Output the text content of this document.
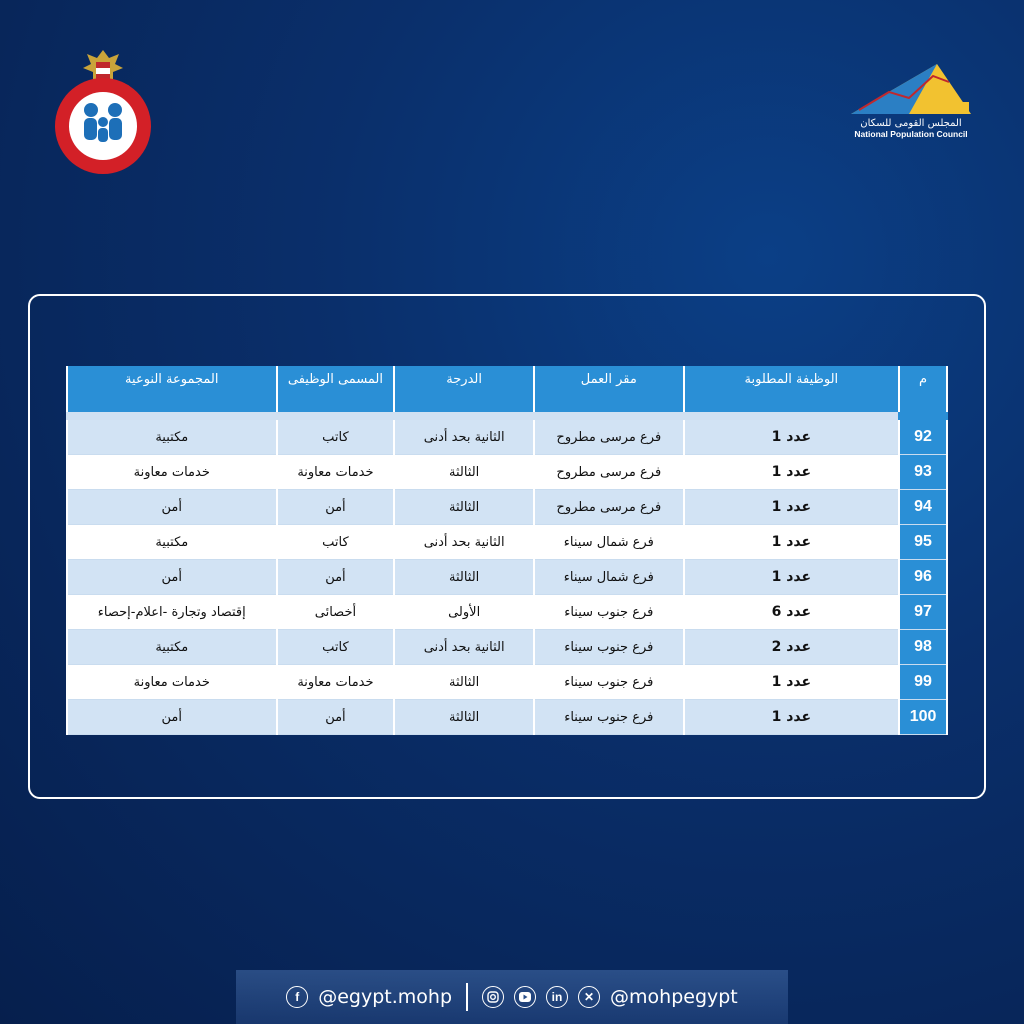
المجلس القومى للسكان
National Population Council
م	الوظيفة المطلوبة	مقر العمل	الدرجة	المسمى الوظيفى	المجموعة النوعية
92	عدد 1	فرع مرسى مطروح	الثانية بحد أدنى	كاتب	مكتبية
93	عدد 1	فرع مرسى مطروح	الثالثة	خدمات معاونة	خدمات معاونة
94	عدد 1	فرع مرسى مطروح	الثالثة	أمن	أمن
95	عدد 1	فرع شمال سيناء	الثانية بحد أدنى	كاتب	مكتبية
96	عدد 1	فرع شمال سيناء	الثالثة	أمن	أمن
97	عدد 6	فرع جنوب سيناء	الأولى	أخصائى	إقتصاد وتجارة -اعلام-إحصاء
98	عدد 2	فرع جنوب سيناء	الثانية بحد أدنى	كاتب	مكتبية
99	عدد 1	فرع جنوب سيناء	الثالثة	خدمات معاونة	خدمات معاونة
100	عدد 1	فرع جنوب سيناء	الثالثة	أمن	أمن
f	@egypt.mohp	in	✕ @mohpegypt
